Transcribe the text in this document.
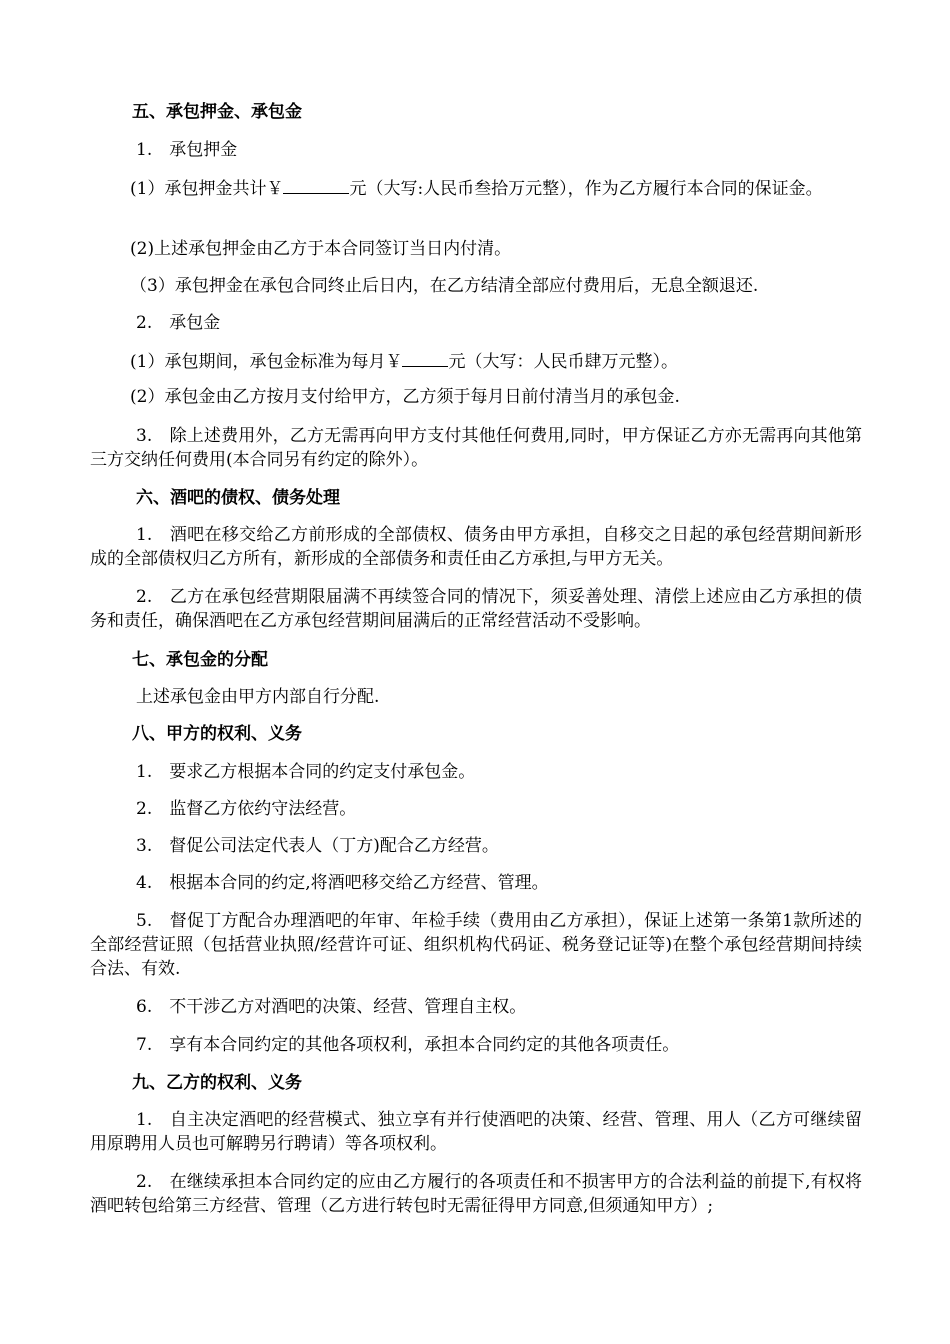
五、承包押金、承包金

1.　承包押金

(1）承包押金共计￥	元（大写:人民币叁拾万元整），作为乙方履行本合同的保证金。

(2)上述承包押金由乙方于本合同签订当日内付清。

（3）承包押金在承包合同终止后日内，在乙方结清全部应付费用后，无息全额退还.

2.　承包金

(1）承包期间，承包金标准为每月￥	元（大写：人民币肆万元整）。

(2）承包金由乙方按月支付给甲方，乙方须于每月日前付清当月的承包金.

3.　除上述费用外，乙方无需再向甲方支付其他任何费用,同时，甲方保证乙方亦无需再向其他第三方交纳任何费用(本合同另有约定的除外）。

六、酒吧的债权、债务处理

1.　酒吧在移交给乙方前形成的全部债权、债务由甲方承担，自移交之日起的承包经营期间新形成的全部债权归乙方所有，新形成的全部债务和责任由乙方承担,与甲方无关。

2.　乙方在承包经营期限届满不再续签合同的情况下，须妥善处理、清偿上述应由乙方承担的债务和责任，确保酒吧在乙方承包经营期间届满后的正常经营活动不受影响。

七、承包金的分配

上述承包金由甲方内部自行分配.

八、甲方的权利、义务

1.　要求乙方根据本合同的约定支付承包金。

2.　监督乙方依约守法经营。

3.　督促公司法定代表人（丁方)配合乙方经营。

4.　根据本合同的约定,将酒吧移交给乙方经营、管理。

5.　督促丁方配合办理酒吧的年审、年检手续（费用由乙方承担），保证上述第一条第1款所述的全部经营证照（包括营业执照/经营许可证、组织机构代码证、税务登记证等)在整个承包经营期间持续合法、有效.

6.　不干涉乙方对酒吧的决策、经营、管理自主权。

7.　享有本合同约定的其他各项权利，承担本合同约定的其他各项责任。

九、乙方的权利、义务

1.　自主决定酒吧的经营模式、独立享有并行使酒吧的决策、经营、管理、用人（乙方可继续留用原聘用人员也可解聘另行聘请）等各项权利。

2.　在继续承担本合同约定的应由乙方履行的各项责任和不损害甲方的合法利益的前提下,有权将酒吧转包给第三方经营、管理（乙方进行转包时无需征得甲方同意,但须通知甲方）;
